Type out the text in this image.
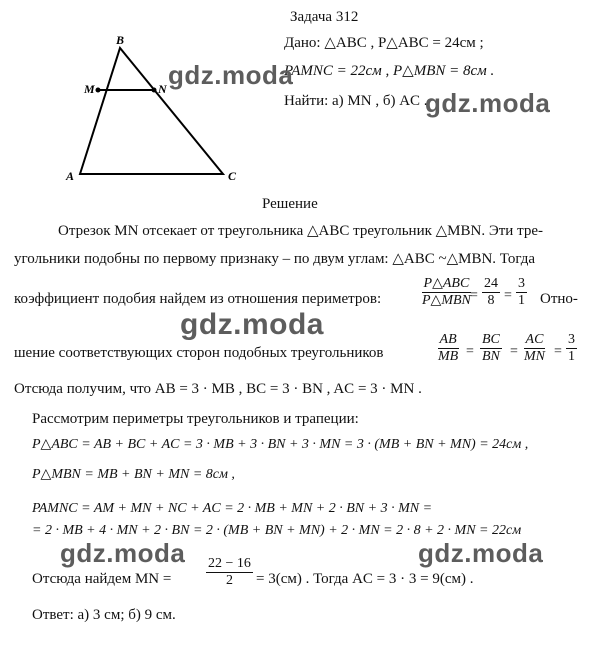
Задача 312
Дано: △ABC , P△ABC = 24см ;
PAMNC = 22см , P△MBN = 8см .
Найти: а) MN , б) AC .
B
M	N
A	C
gdz.moda
gdz.moda
gdz.moda
gdz.moda	gdz.moda
Решение
Отрезок MN отсекает от треугольника △ABC треугольник △MBN. Эти тре-
угольники подобны по первому признаку – по двум углам: △ABC ~△MBN. Тогда
коэффициент подобия найдем из отношения периметров:
P△ABC
P△MBN = $\frac{24}{8} = \frac{3}{1}$ Отно-
шение соответствующих сторон подобных треугольников	$\frac{AB}{MB} = \frac{BC}{BN} = \frac{AC}{MN} = \frac{3}{1}$
Отсюда получим, что AB = 3 · MB , BC = 3 · BN , AC = 3 · MN .
Рассмотрим периметры треугольников и трапеции:
P△ABC = AB + BC + AC = 3 · MB + 3 · BN + 3 · MN = 3 · (MB + BN + MN) = 24см ,
P△MBN = MB + BN + MN = 8см ,
PAMNC = AM + MN + NC + AC = 2 · MB + MN + 2 · BN + 3 · MN =
= 2 · MB + 4 · MN + 2 · BN = 2 · (MB + BN + MN) + 2 · MN = 2 · 8 + 2 · MN = 22см
Отсюда найдем MN = $\frac{22 - 16}{2} = 3(см)$ . Тогда AC = 3 · 3 = 9(см) .
Ответ: а) 3 см; б) 9 см.
